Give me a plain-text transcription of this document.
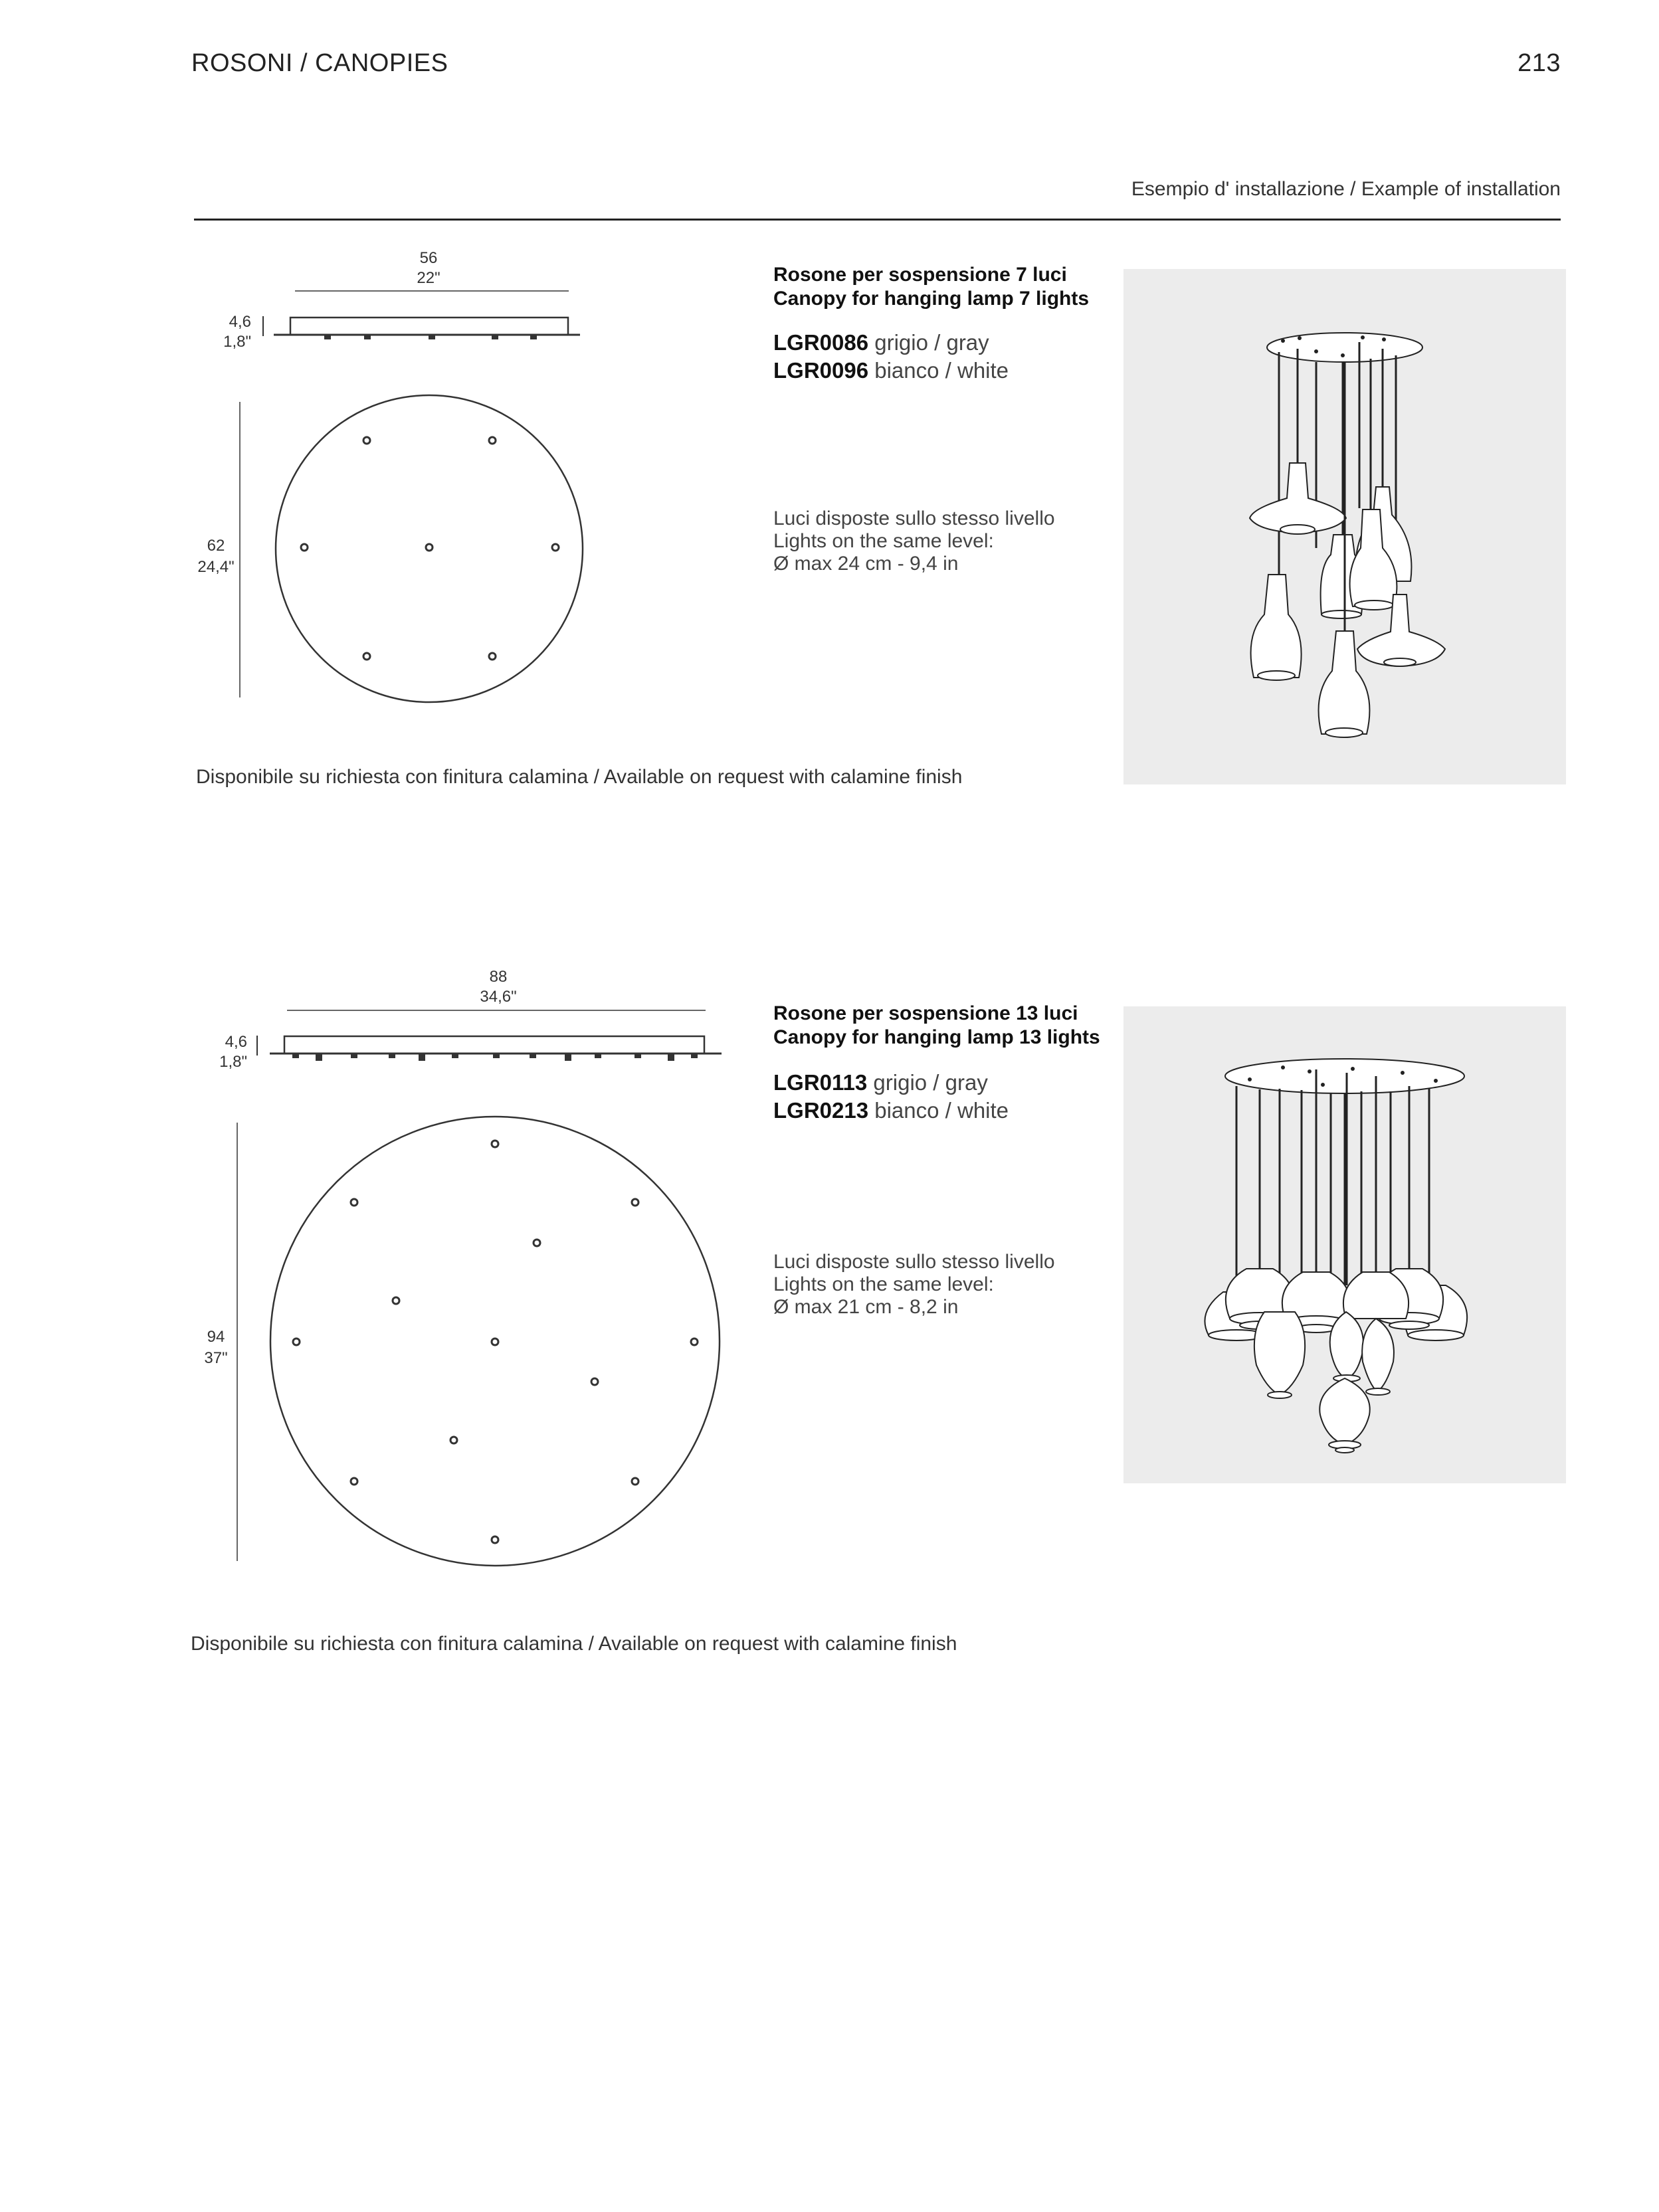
ROSONI / CANOPIES	213
Esempio d' installazione / Example of installation
56
22"
4,6
1,8"
62
24,4"
Rosone per sospensione 7 luci
Canopy for hanging lamp 7 lights
LGR0086 grigio / gray
LGR0096 bianco / white
Luci disposte sullo stesso livello
Lights on the same level:
Ø max 24 cm - 9,4 in
Disponibile su richiesta con finitura calamina / Available on request with calamine finish
88
34,6"
4,6
1,8"
94
37"
Rosone per sospensione 13 luci
Canopy for hanging lamp 13 lights
LGR0113 grigio / gray
LGR0213 bianco / white
Luci disposte sullo stesso livello
Lights on the same level:
Ø max 21 cm - 8,2 in
Disponibile su richiesta con finitura calamina / Available on request with calamine finish
